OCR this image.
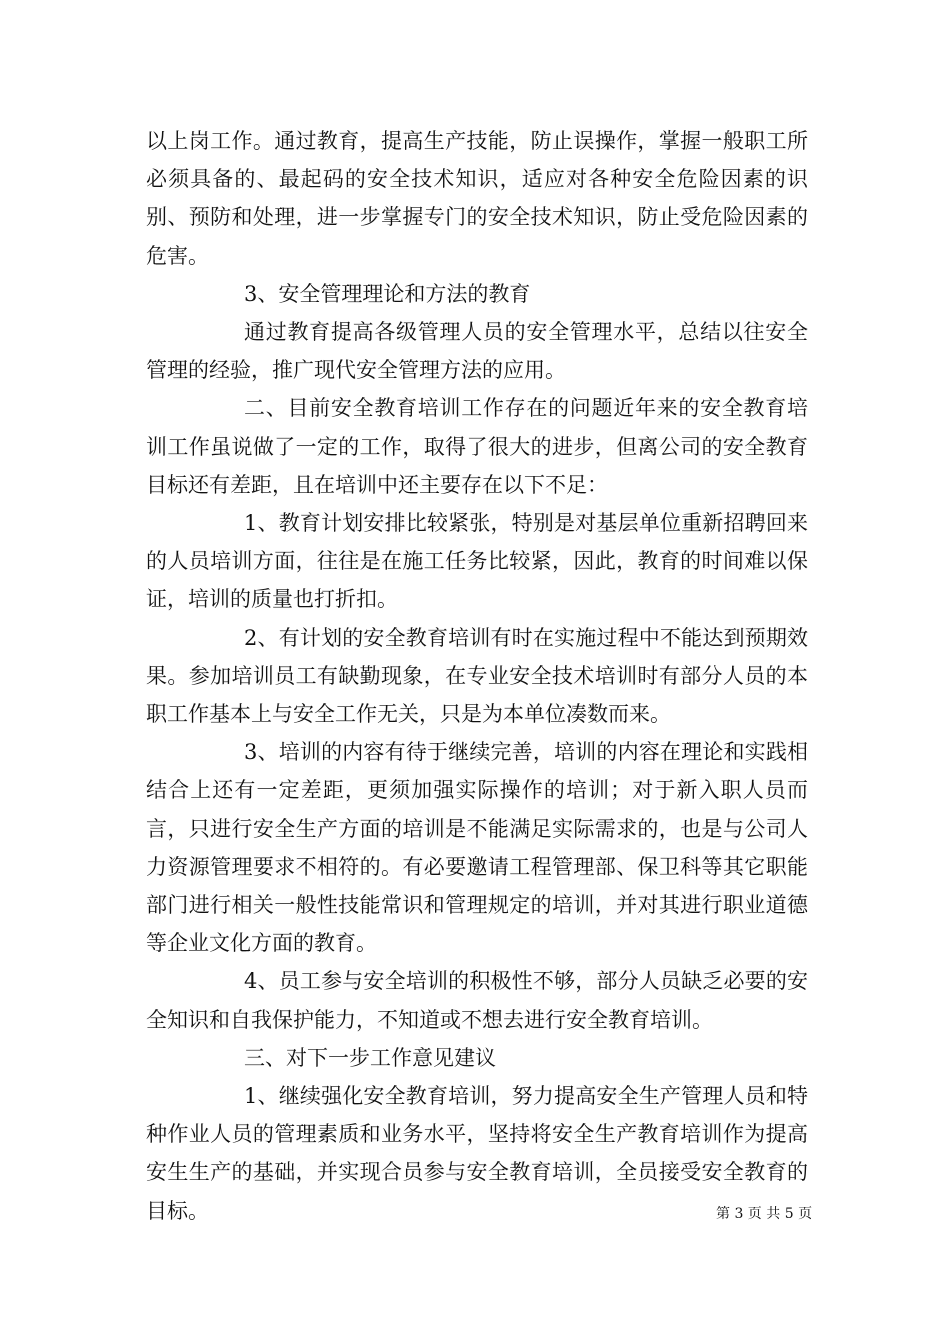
以上岗工作。通过教育，提高生产技能，防止误操作，掌握一般职工所必须具备的、最起码的安全技术知识，适应对各种安全危险因素的识别、预防和处理，进一步掌握专门的安全技术知识，防止受危险因素的危害。

3、安全管理理论和方法的教育

通过教育提高各级管理人员的安全管理水平，总结以往安全管理的经验，推广现代安全管理方法的应用。

二、目前安全教育培训工作存在的问题近年来的安全教育培训工作虽说做了一定的工作，取得了很大的进步，但离公司的安全教育目标还有差距，且在培训中还主要存在以下不足：

1、教育计划安排比较紧张，特别是对基层单位重新招聘回来的人员培训方面，往往是在施工任务比较紧，因此，教育的时间难以保证，培训的质量也打折扣。

2、有计划的安全教育培训有时在实施过程中不能达到预期效果。参加培训员工有缺勤现象，在专业安全技术培训时有部分人员的本职工作基本上与安全工作无关，只是为本单位凑数而来。

3、培训的内容有待于继续完善，培训的内容在理论和实践相结合上还有一定差距，更须加强实际操作的培训；对于新入职人员而言，只进行安全生产方面的培训是不能满足实际需求的，也是与公司人力资源管理要求不相符的。有必要邀请工程管理部、保卫科等其它职能部门进行相关一般性技能常识和管理规定的培训，并对其进行职业道德等企业文化方面的教育。

4、员工参与安全培训的积极性不够，部分人员缺乏必要的安全知识和自我保护能力，不知道或不想去进行安全教育培训。

三、对下一步工作意见建议

1、继续强化安全教育培训，努力提高安全生产管理人员和特种作业人员的管理素质和业务水平，坚持将安全生产教育培训作为提高安生生产的基础，并实现合员参与安全教育培训，全员接受安全教育的目标。	第 3 页 共 5 页
